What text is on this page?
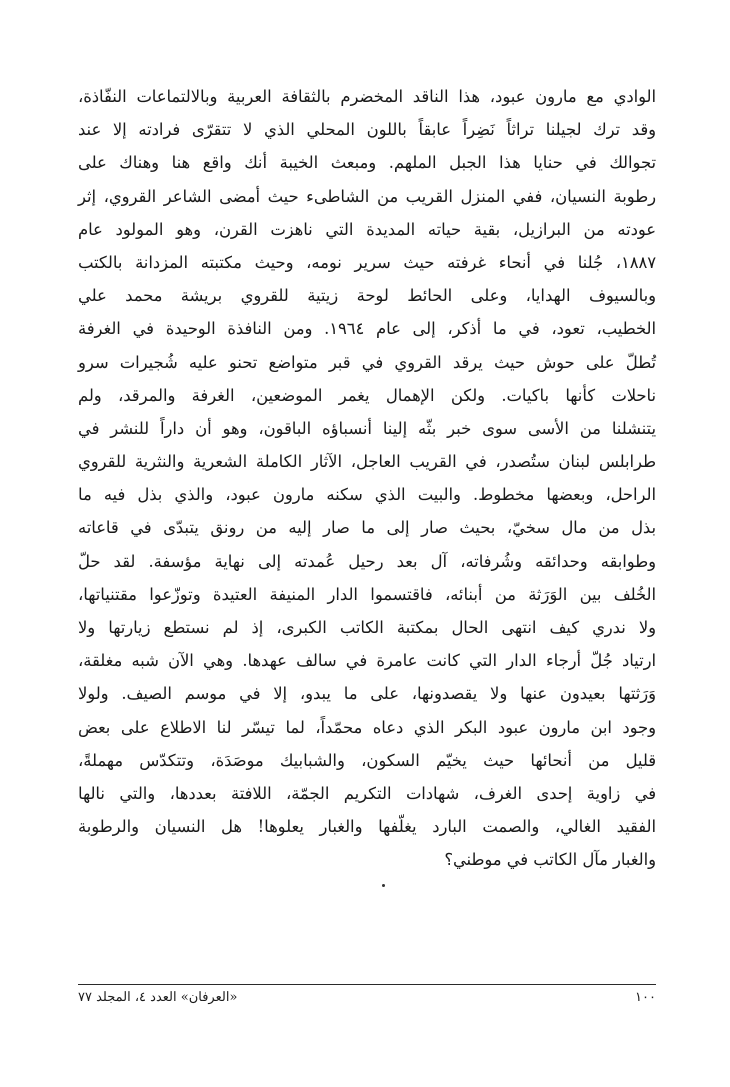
الوادي مع مارون عبود، هذا الناقد المخضرم بالثقافة العربية وبالالتماعات النفّاذة،
وقد ترك لجيلنا تراثاً نَضِراً عابقاً باللون المحلي الذي لا تتقرّى فرادته إلا عند
تجوالك في حنايا هذا الجبل الملهم. ومبعث الخيبة أنك واقع هنا وهناك على
رطوبة النسيان، ففي المنزل القريب من الشاطىء حيث أمضى الشاعر القروي، إثر
عودته من البرازيل، بقية حياته المديدة التي ناهزت القرن، وهو المولود عام
١٨٨٧، جُلنا في أنحاء غرفته حيث سرير نومه، وحيث مكتبته المزدانة بالكتب
وبالسيوف الهدايا، وعلى الحائط لوحة زيتية للقروي بريشة محمد علي
الخطيب، تعود، في ما أذكر، إلى عام ١٩٦٤. ومن النافذة الوحيدة في الغرفة
تُطلّ على حوش حيث يرقد القروي في قبر متواضع تحنو عليه شُجيرات سرو
ناحلات كأنها باكيات. ولكن الإهمال يغمر الموضعين، الغرفة والمرقد، ولم
يتنشلنا من الأسى سوى خبر بثّه إلينا أنسباؤه الباقون، وهو أن داراً للنشر في
طرابلس لبنان ستُصدر، في القريب العاجل، الآثار الكاملة الشعرية والنثرية للقروي
الراحل، وبعضها مخطوط. والبيت الذي سكنه مارون عبود، والذي بذل فيه ما
بذل من مال سخيّ، بحيث صار إلى ما صار إليه من رونق يتبدّى في قاعاته
وطوابقه وحدائقه وشُرفاته، آل بعد رحيل عُمدته إلى نهاية مؤسفة. لقد حلّ
الخُلف بين الوَرَثة من أبنائه، فاقتسموا الدار المنيفة العتيدة وتوزّعوا مقتنياتها،
ولا ندري كيف انتهى الحال بمكتبة الكاتب الكبرى، إذ لم نستطع زيارتها ولا
ارتياد جُلّ أرجاء الدار التي كانت عامرة في سالف عهدها. وهي الآن شبه مغلقة،
وَرَثتها بعيدون عنها ولا يقصدونها، على ما يبدو، إلا في موسم الصيف. ولولا
وجود ابن مارون عبود البكر الذي دعاه محمّداً، لما تيسّر لنا الاطلاع على بعض
قليل من أنحائها حيث يخيّم السكون، والشبابيك موصَدَة، وتتكدّس مهملةً،
في زاوية إحدى الغرف، شهادات التكريم الجمّة، اللافتة بعددها، والتي نالها
الفقيد الغالي، والصمت البارد يغلّفها والغبار يعلوها! هل النسيان والرطوبة
والغبار مآل الكاتب في موطني؟
١٠٠
«العرفان» العدد ٤، المجلد ٧٧
